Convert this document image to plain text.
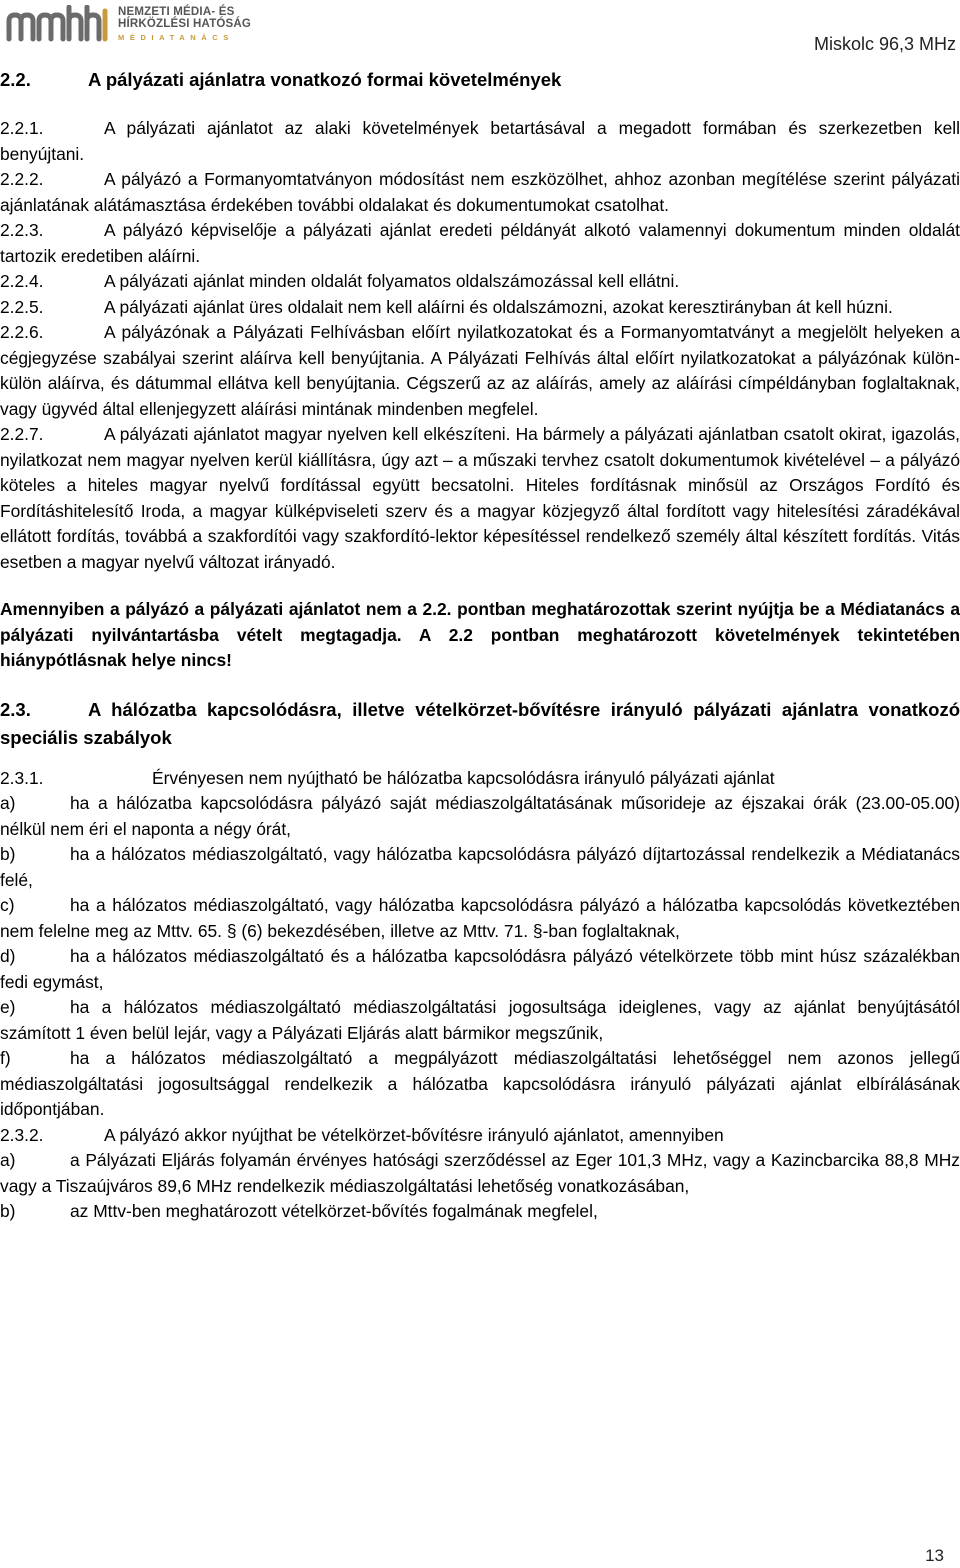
NEMZETI MÉDIA- ÉS
HÍRKÖZLÉSI HATÓSÁG
MÉDIATANÁCS	Miskolc 96,3 MHz

2.2.	A pályázati ajánlatra vonatkozó formai követelmények

2.2.1.	A pályázati ajánlatot az alaki követelmények betartásával a megadott formában és szerkezetben kell benyújtani.

2.2.2.	A pályázó a Formanyomtatványon módosítást nem eszközölhet, ahhoz azonban megítélése szerint pályázati ajánlatának alátámasztása érdekében további oldalakat és dokumentumokat csatolhat.

2.2.3.	A pályázó képviselője a pályázati ajánlat eredeti példányát alkotó valamennyi dokumentum minden oldalát tartozik eredetiben aláírni.

2.2.4.	A pályázati ajánlat minden oldalát folyamatos oldalszámozással kell ellátni.

2.2.5.	A pályázati ajánlat üres oldalait nem kell aláírni és oldalszámozni, azokat keresztirányban át kell húzni.

2.2.6.	A pályázónak a Pályázati Felhívásban előírt nyilatkozatokat és a Formanyomtatványt a megjelölt helyeken a cégjegyzése szabályai szerint aláírva kell benyújtania. A Pályázati Felhívás által előírt nyilatkozatokat a pályázónak külön-külön aláírva, és dátummal ellátva kell benyújtania. Cégszerű az az aláírás, amely az aláírási címpéldányban foglaltaknak, vagy ügyvéd által ellenjegyzett aláírási mintának mindenben megfelel.

2.2.7.	A pályázati ajánlatot magyar nyelven kell elkészíteni. Ha bármely a pályázati ajánlatban csatolt okirat, igazolás, nyilatkozat nem magyar nyelven kerül kiállításra, úgy azt – a műszaki tervhez csatolt dokumentumok kivételével – a pályázó köteles a hiteles magyar nyelvű fordítással együtt becsatolni. Hiteles fordításnak minősül az Országos Fordító és Fordításhitelesítő Iroda, a magyar külképviseleti szerv és a magyar közjegyző által fordított vagy hitelesítési záradékával ellátott fordítás, továbbá a szakfordítói vagy szakfordító-lektor képesítéssel rendelkező személy által készített fordítás. Vitás esetben a magyar nyelvű változat irányadó.

Amennyiben a pályázó a pályázati ajánlatot nem a 2.2. pontban meghatározottak szerint nyújtja be a Médiatanács a pályázati nyilvántartásba vételt megtagadja. A 2.2 pontban meghatározott követelmények tekintetében hiánypótlásnak helye nincs!

2.3.	A hálózatba kapcsolódásra, illetve vételkörzet-bővítésre irányuló pályázati ajánlatra vonatkozó speciális szabályok

2.3.1.	Érvényesen nem nyújtható be hálózatba kapcsolódásra irányuló pályázati ajánlat

a)	ha a hálózatba kapcsolódásra pályázó saját médiaszolgáltatásának műsorideje az éjszakai órák (23.00-05.00) nélkül nem éri el naponta a négy órát,

b)	ha a hálózatos médiaszolgáltató, vagy hálózatba kapcsolódásra pályázó díjtartozással rendelkezik a Médiatanács felé,

c)	ha a hálózatos médiaszolgáltató, vagy hálózatba kapcsolódásra pályázó a hálózatba kapcsolódás következtében nem felelne meg az Mttv. 65. § (6) bekezdésében, illetve az Mttv. 71. §-ban foglaltaknak,

d)	ha a hálózatos médiaszolgáltató és a hálózatba kapcsolódásra pályázó vételkörzete több mint húsz százalékban fedi egymást,

e)	ha a hálózatos médiaszolgáltató médiaszolgáltatási jogosultsága ideiglenes, vagy az ajánlat benyújtásától számított 1 éven belül lejár, vagy a Pályázati Eljárás alatt bármikor megszűnik,

f)	ha a hálózatos médiaszolgáltató a megpályázott médiaszolgáltatási lehetőséggel nem azonos jellegű médiaszolgáltatási jogosultsággal rendelkezik a hálózatba kapcsolódásra irányuló pályázati ajánlat elbírálásának időpontjában.

2.3.2.	A pályázó akkor nyújthat be vételkörzet-bővítésre irányuló ajánlatot, amennyiben

a)	a Pályázati Eljárás folyamán érvényes hatósági szerződéssel az Eger 101,3 MHz, vagy a Kazincbarcika 88,8 MHz vagy a Tiszaújváros 89,6 MHz rendelkezik médiaszolgáltatási lehetőség vonatkozásában,

b)	az Mttv-ben meghatározott vételkörzet-bővítés fogalmának megfelel,

13
